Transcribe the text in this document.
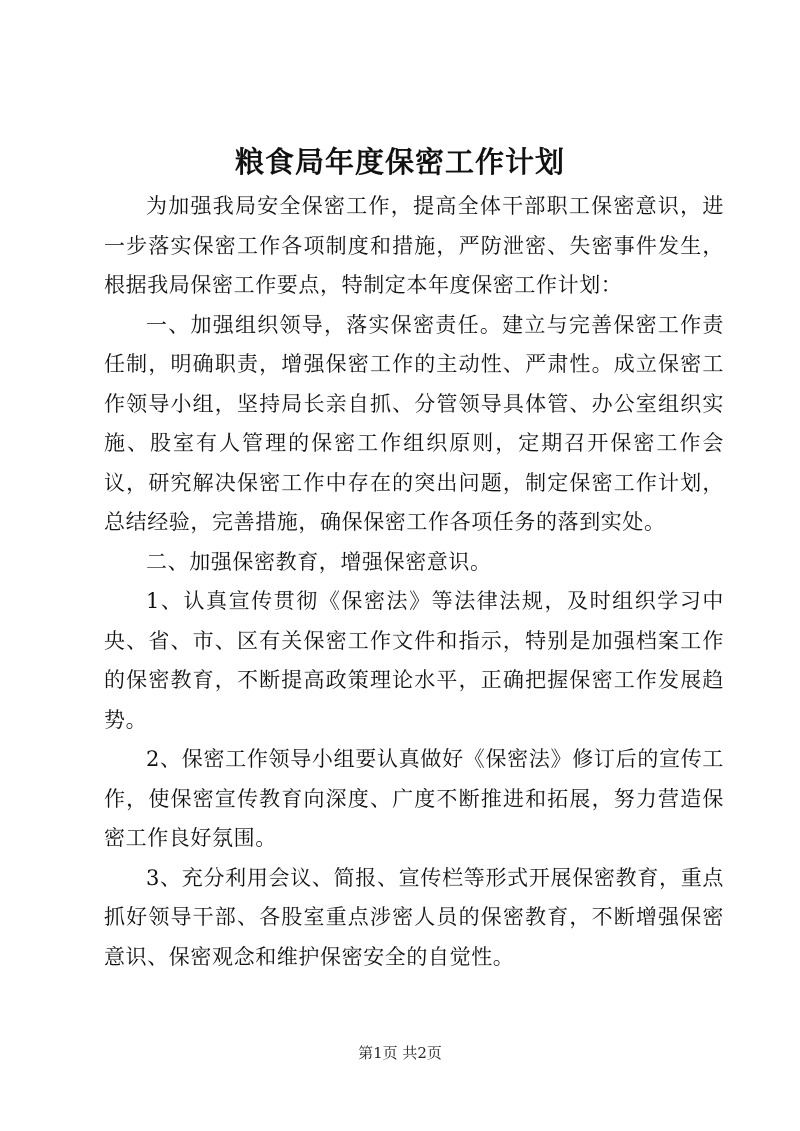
粮食局年度保密工作计划

为加强我局安全保密工作，提高全体干部职工保密意识，进一步落实保密工作各项制度和措施，严防泄密、失密事件发生，根据我局保密工作要点，特制定本年度保密工作计划：

一、加强组织领导，落实保密责任。建立与完善保密工作责任制，明确职责，增强保密工作的主动性、严肃性。成立保密工作领导小组，坚持局长亲自抓、分管领导具体管、办公室组织实施、股室有人管理的保密工作组织原则，定期召开保密工作会议，研究解决保密工作中存在的突出问题，制定保密工作计划，总结经验，完善措施，确保保密工作各项任务的落到实处。

二、加强保密教育，增强保密意识。

1、认真宣传贯彻《保密法》等法律法规，及时组织学习中央、省、市、区有关保密工作文件和指示，特别是加强档案工作的保密教育，不断提高政策理论水平，正确把握保密工作发展趋势。

2、保密工作领导小组要认真做好《保密法》修订后的宣传工作，使保密宣传教育向深度、广度不断推进和拓展，努力营造保密工作良好氛围。

3、充分利用会议、简报、宣传栏等形式开展保密教育，重点抓好领导干部、各股室重点涉密人员的保密教育，不断增强保密意识、保密观念和维护保密安全的自觉性。

第1页 共2页
